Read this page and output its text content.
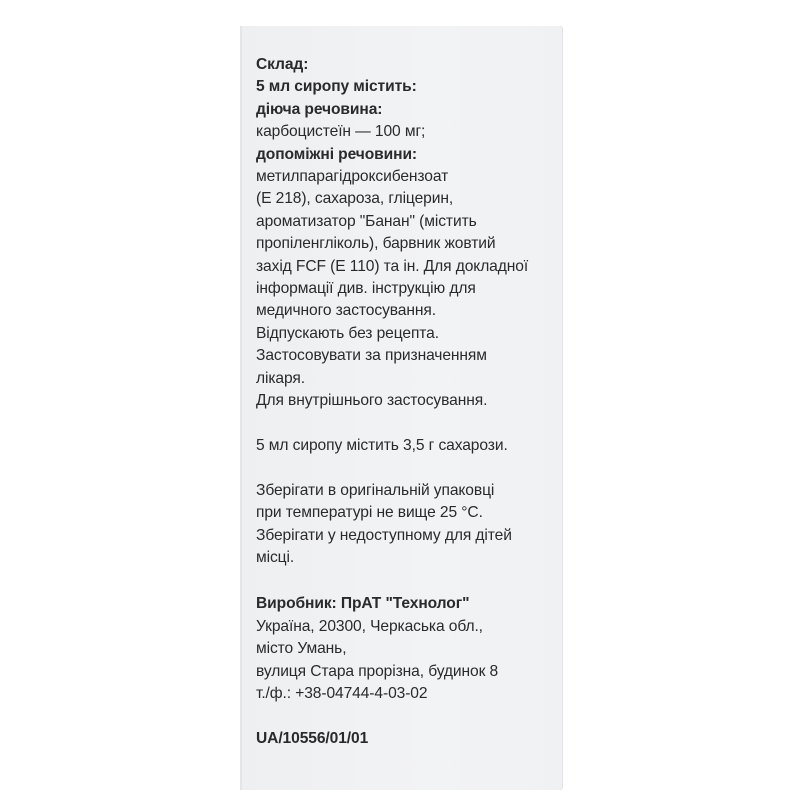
Склад:
5 мл сиропу містить:
діюча речовина:
карбоцистеїн — 100 мг;
допоміжні речовини:
метилпарагідроксибензоат
(E 218), сахароза, гліцерин,
ароматизатор "Банан" (містить
пропіленгліколь), барвник жовтий
захід FCF (E 110) та ін. Для докладної
інформації див. інструкцію для
медичного застосування.
Відпускають без рецепта.
Застосовувати за призначенням
лікаря.
Для внутрішнього застосування.
5 мл сиропу містить 3,5 г сахарози.
Зберігати в оригінальній упаковці
при температурі не вище 25 °С.
Зберігати у недоступному для дітей
місці.
Виробник: ПрАТ "Технолог"
Україна, 20300, Черкаська обл.,
місто Умань,
вулиця Стара прорізна, будинок 8
т./ф.: +38-04744-4-03-02
UA/10556/01/01
